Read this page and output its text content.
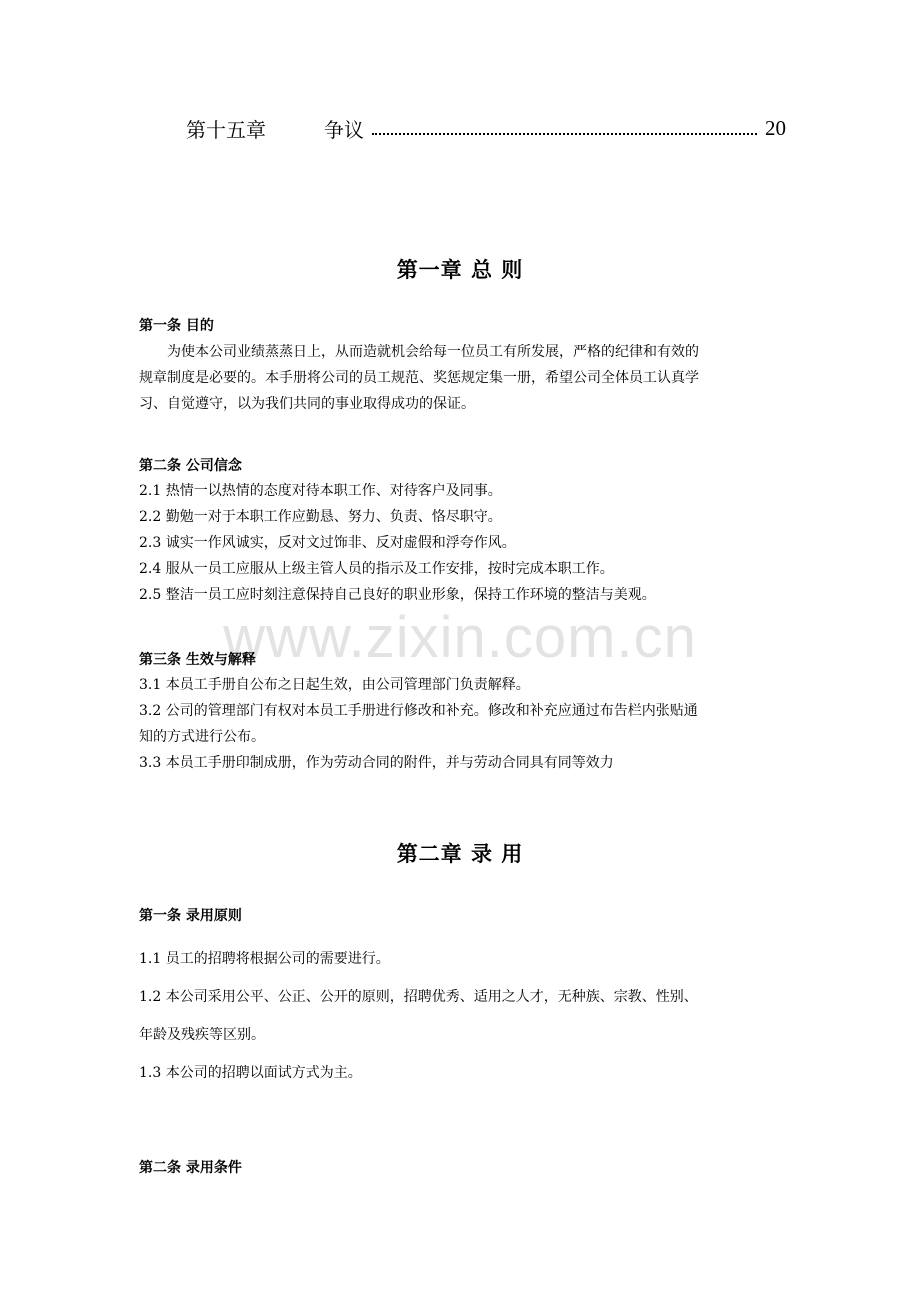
www.zixin.com.cn
第十五章	争议	20
第一章 总 则
第一条 目的
为使本公司业绩蒸蒸日上，从而造就机会给每一位员工有所发展，严格的纪律和有效的
规章制度是必要的。本手册将公司的员工规范、奖惩规定集一册，希望公司全体员工认真学
习、自觉遵守，以为我们共同的事业取得成功的保证。
第二条 公司信念
2.1 热情一以热情的态度对待本职工作、对待客户及同事。
2.2 勤勉一对于本职工作应勤恳、努力、负责、恪尽职守。
2.3 诚实一作风诚实，反对文过饰非、反对虚假和浮夸作风。
2.4 服从一员工应服从上级主管人员的指示及工作安排，按时完成本职工作。
2.5 整洁一员工应时刻注意保持自己良好的职业形象，保持工作环境的整洁与美观。
第三条 生效与解释
3.1 本员工手册自公布之日起生效，由公司管理部门负责解释。
3.2 公司的管理部门有权对本员工手册进行修改和补充。修改和补充应通过布告栏内张贴通
知的方式进行公布。
3.3 本员工手册印制成册，作为劳动合同的附件，并与劳动合同具有同等效力
第二章 录 用
第一条 录用原则
1.1 员工的招聘将根据公司的需要进行。
1.2 本公司采用公平、公正、公开的原则，招聘优秀、适用之人才，无种族、宗教、性别、
年龄及残疾等区别。
1.3 本公司的招聘以面试方式为主。
第二条 录用条件
